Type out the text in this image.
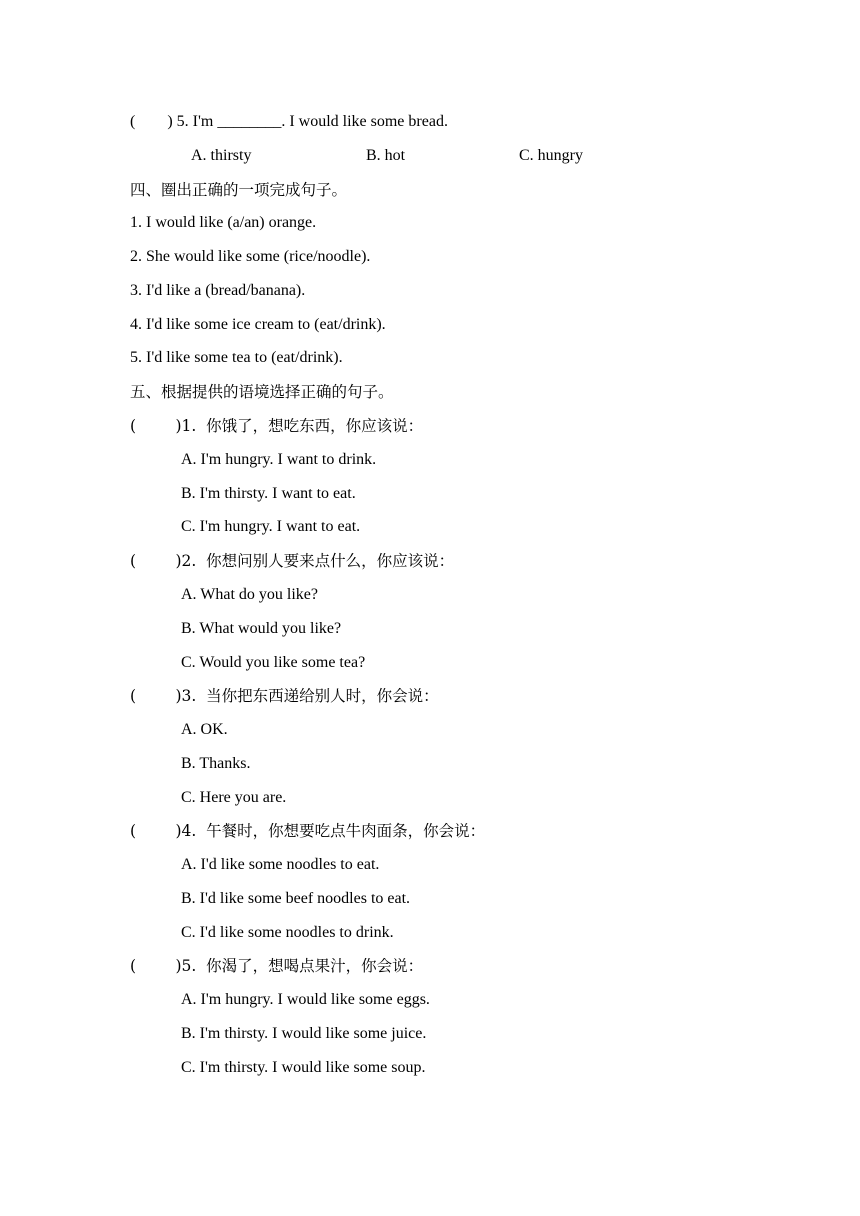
(        ) 5. I'm ________. I would like some bread.
A. thirsty	B. hot	C. hungry
四、圈出正确的一项完成句子。
1. I would like (a/an) orange.
2. She would like some (rice/noodle).
3. I'd like a (bread/banana).
4. I'd like some ice cream to (eat/drink).
5. I'd like some tea to (eat/drink).
五、根据提供的语境选择正确的句子。
(        )1.  你饿了，想吃东西，你应该说：
A. I'm hungry. I want to drink.
B. I'm thirsty. I want to eat.
C. I'm hungry. I want to eat.
(        )2.  你想问别人要来点什么，你应该说：
A. What do you like?
B. What would you like?
C. Would you like some tea?
(        )3.  当你把东西递给别人时，你会说：
A. OK.
B. Thanks.
C. Here you are.
(        )4.  午餐时，你想要吃点牛肉面条，你会说：
A. I'd like some noodles to eat.
B. I'd like some beef noodles to eat.
C. I'd like some noodles to drink.
(        )5.  你渴了，想喝点果汁，你会说：
A. I'm hungry. I would like some eggs.
B. I'm thirsty. I would like some juice.
C. I'm thirsty. I would like some soup.
